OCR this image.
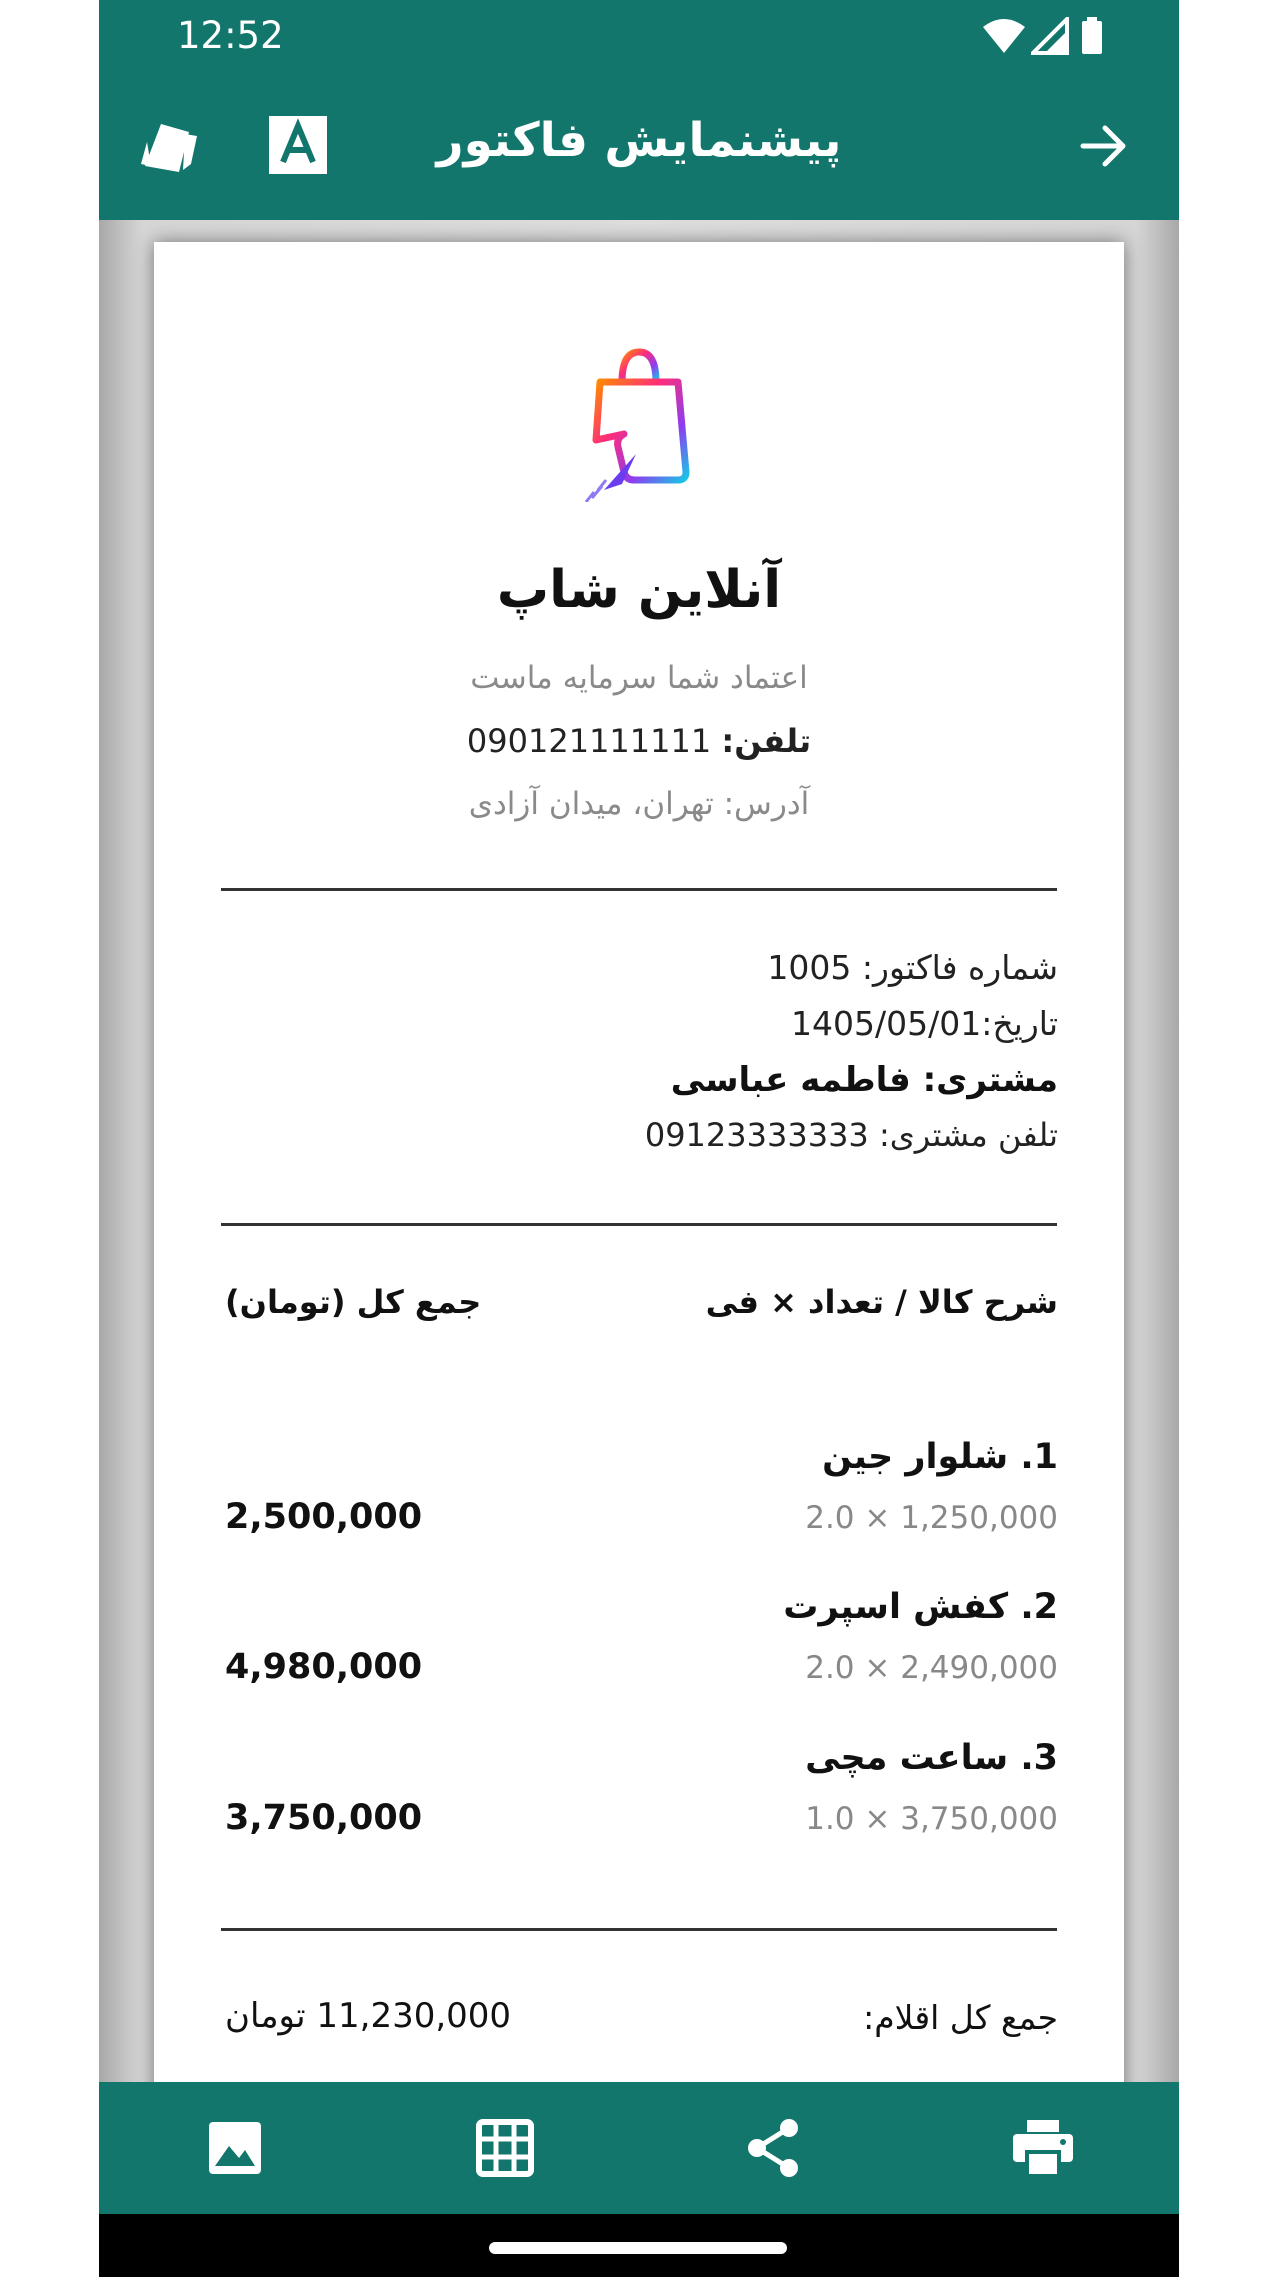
12:52
پیشنمایش فاکتور
آنلاین شاپ
اعتماد شما سرمایه ماست
تلفن: 090121111111
آدرس: تهران، میدان آزادی
شماره فاکتور: 1005
تاریخ:1405/05/01
مشتری: فاطمه عباسی
تلفن مشتری: 09123333333
شرح کالا / تعداد × فی
جمع کل (تومان)
1. شلوار جین
2.0 × 1,250,000
2,500,000
2. کفش اسپرت
2.0 × 2,490,000
4,980,000
3. ساعت مچی
1.0 × 3,750,000
3,750,000
جمع کل اقلام:
11,230,000 تومان
